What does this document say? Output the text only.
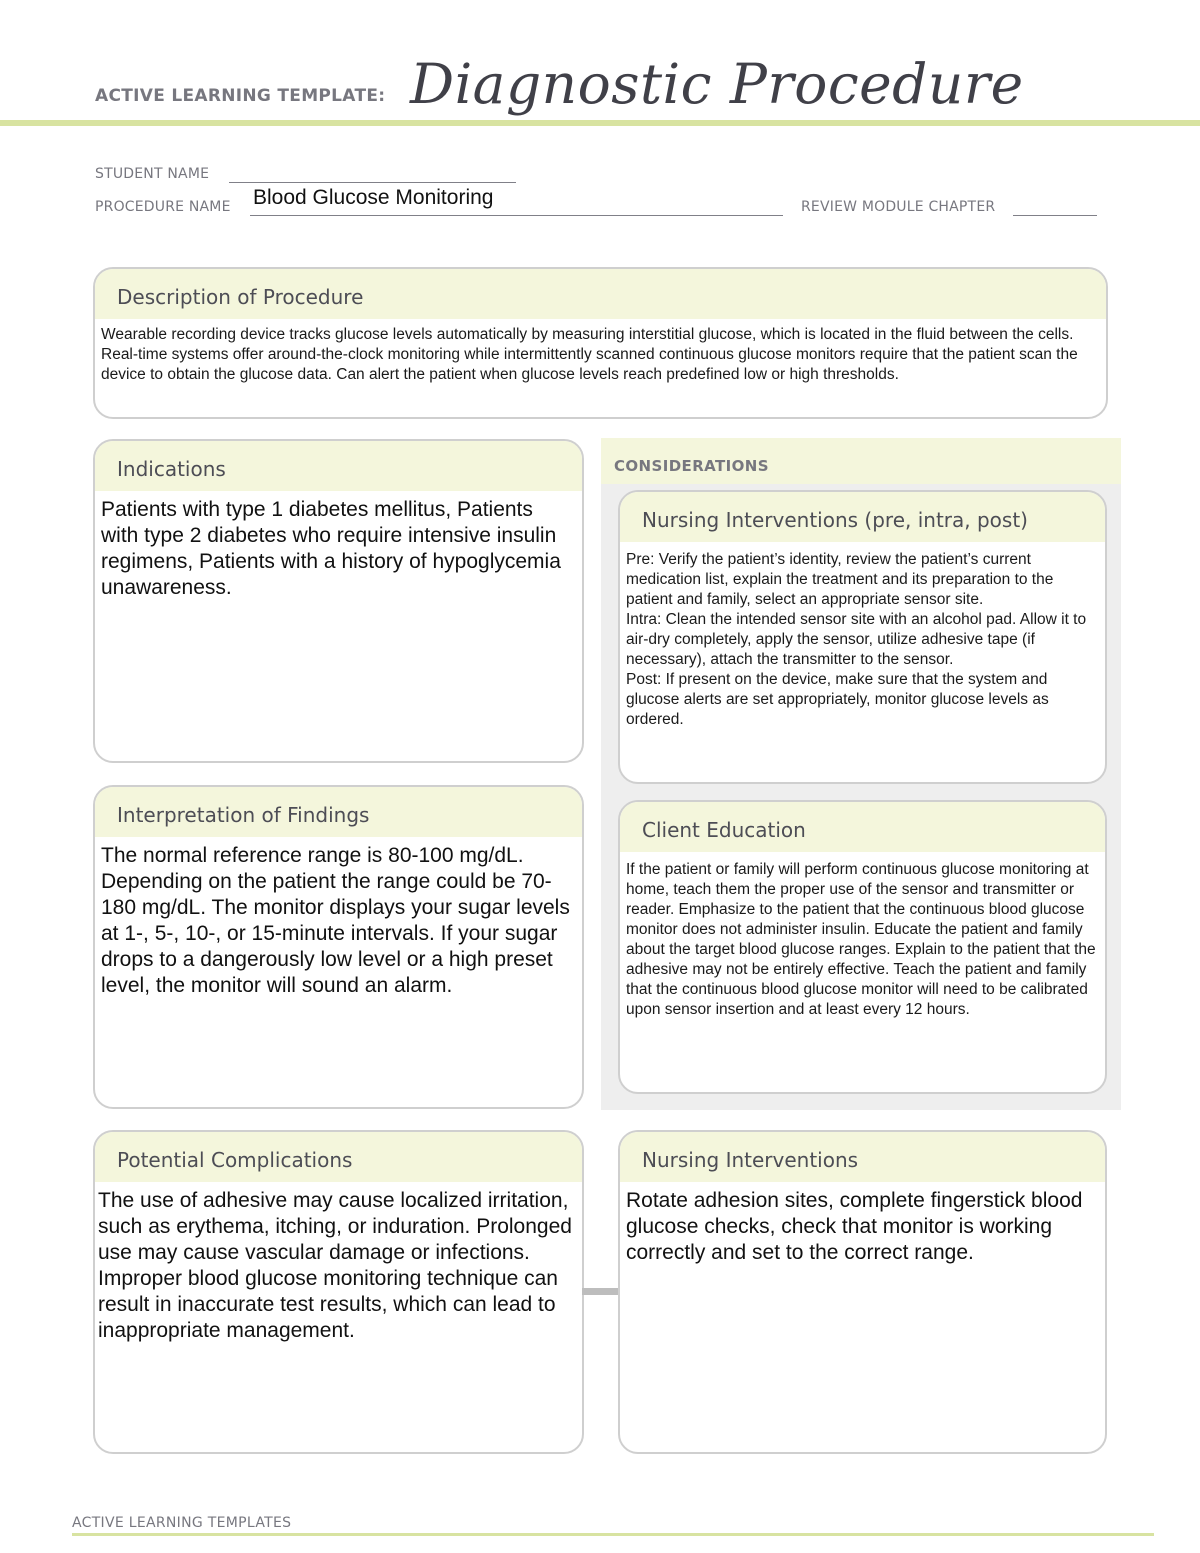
ACTIVE LEARNING TEMPLATE: Diagnostic Procedure
STUDENT NAME
PROCEDURE NAME Blood Glucose Monitoring	REVIEW MODULE CHAPTER
Description of Procedure
Wearable recording device tracks glucose levels automatically by measuring interstitial glucose, which is located in the fluid between the cells. Real-time systems offer around-the-clock monitoring while intermittently scanned continuous glucose monitors require that the patient scan the device to obtain the glucose data. Can alert the patient when glucose levels reach predefined low or high thresholds.
Indications
Patients with type 1 diabetes mellitus, Patients with type 2 diabetes who require intensive insulin regimens, Patients with a history of hypoglycemia unawareness.
CONSIDERATIONS
Nursing Interventions (pre, intra, post)
Pre: Verify the patient’s identity, review the patient’s current medication list, explain the treatment and its preparation to the patient and family, select an appropriate sensor site.
Intra: Clean the intended sensor site with an alcohol pad. Allow it to air-dry completely, apply the sensor, utilize adhesive tape (if necessary), attach the transmitter to the sensor.
Post: If present on the device, make sure that the system and glucose alerts are set appropriately, monitor glucose levels as ordered.
Client Education
If the patient or family will perform continuous glucose monitoring at home, teach them the proper use of the sensor and transmitter or reader. Emphasize to the patient that the continuous blood glucose monitor does not administer insulin. Educate the patient and family about the target blood glucose ranges. Explain to the patient that the adhesive may not be entirely effective. Teach the patient and family that the continuous blood glucose monitor will need to be calibrated upon sensor insertion and at least every 12 hours.
Interpretation of Findings
The normal reference range is 80-100 mg/dL. Depending on the patient the range could be 70-180 mg/dL. The monitor displays your sugar levels at 1-, 5-, 10-, or 15-minute intervals. If your sugar drops to a dangerously low level or a high preset level, the monitor will sound an alarm.
Potential Complications
The use of adhesive may cause localized irritation, such as erythema, itching, or induration. Prolonged use may cause vascular damage or infections. Improper blood glucose monitoring technique can result in inaccurate test results, which can lead to inappropriate management.
Nursing Interventions
Rotate adhesion sites, complete fingerstick blood glucose checks, check that monitor is working correctly and set to the correct range.
ACTIVE LEARNING TEMPLATES
